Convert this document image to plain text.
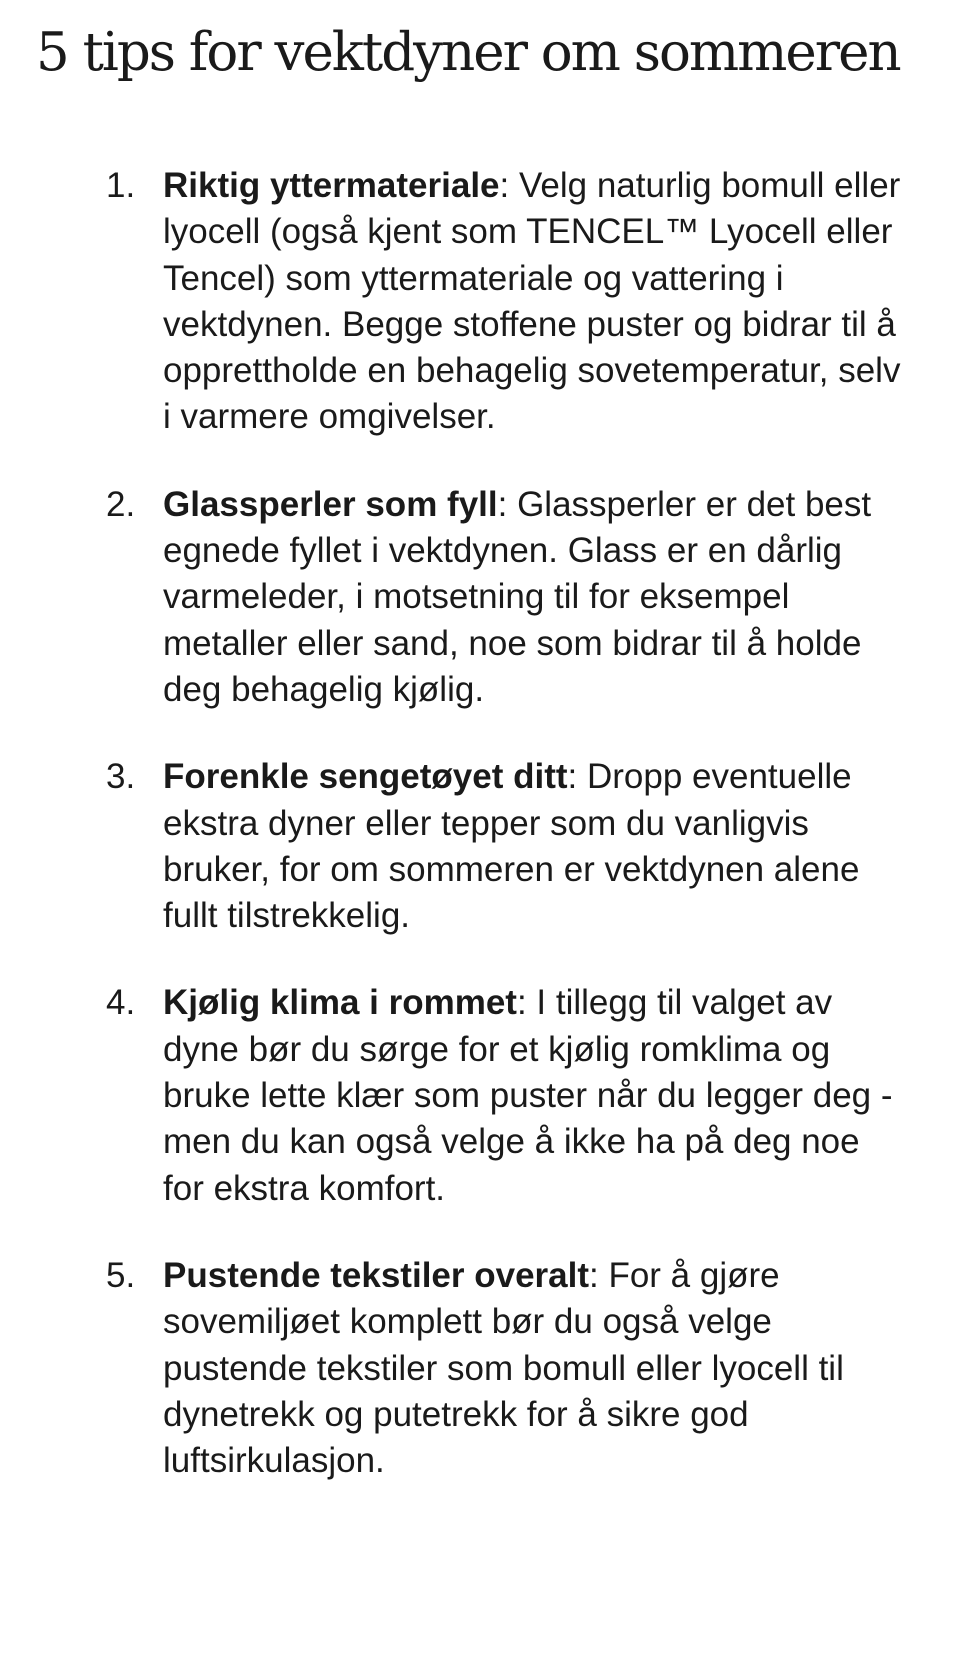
5 tips for vektdyner om sommeren
1. Riktig yttermateriale: Velg naturlig bomull eller lyocell (også kjent som TENCEL™ Lyocell eller Tencel) som yttermateriale og vattering i vektdynen. Begge stoffene puster og bidrar til å opprettholde en behagelig sovetemperatur, selv i varmere omgivelser.
2. Glassperler som fyll: Glassperler er det best egnede fyllet i vektdynen. Glass er en dårlig varmeleder, i motsetning til for eksempel metaller eller sand, noe som bidrar til å holde deg behagelig kjølig.
3. Forenkle sengetøyet ditt: Dropp eventuelle ekstra dyner eller tepper som du vanligvis bruker, for om sommeren er vektdynen alene fullt tilstrekkelig.
4. Kjølig klima i rommet: I tillegg til valget av dyne bør du sørge for et kjølig romklima og bruke lette klær som puster når du legger deg - men du kan også velge å ikke ha på deg noe for ekstra komfort.
5. Pustende tekstiler overalt: For å gjøre sovemiljøet komplett bør du også velge pustende tekstiler som bomull eller lyocell til dynetrekk og putetrekk for å sikre god luftsirkulasjon.
